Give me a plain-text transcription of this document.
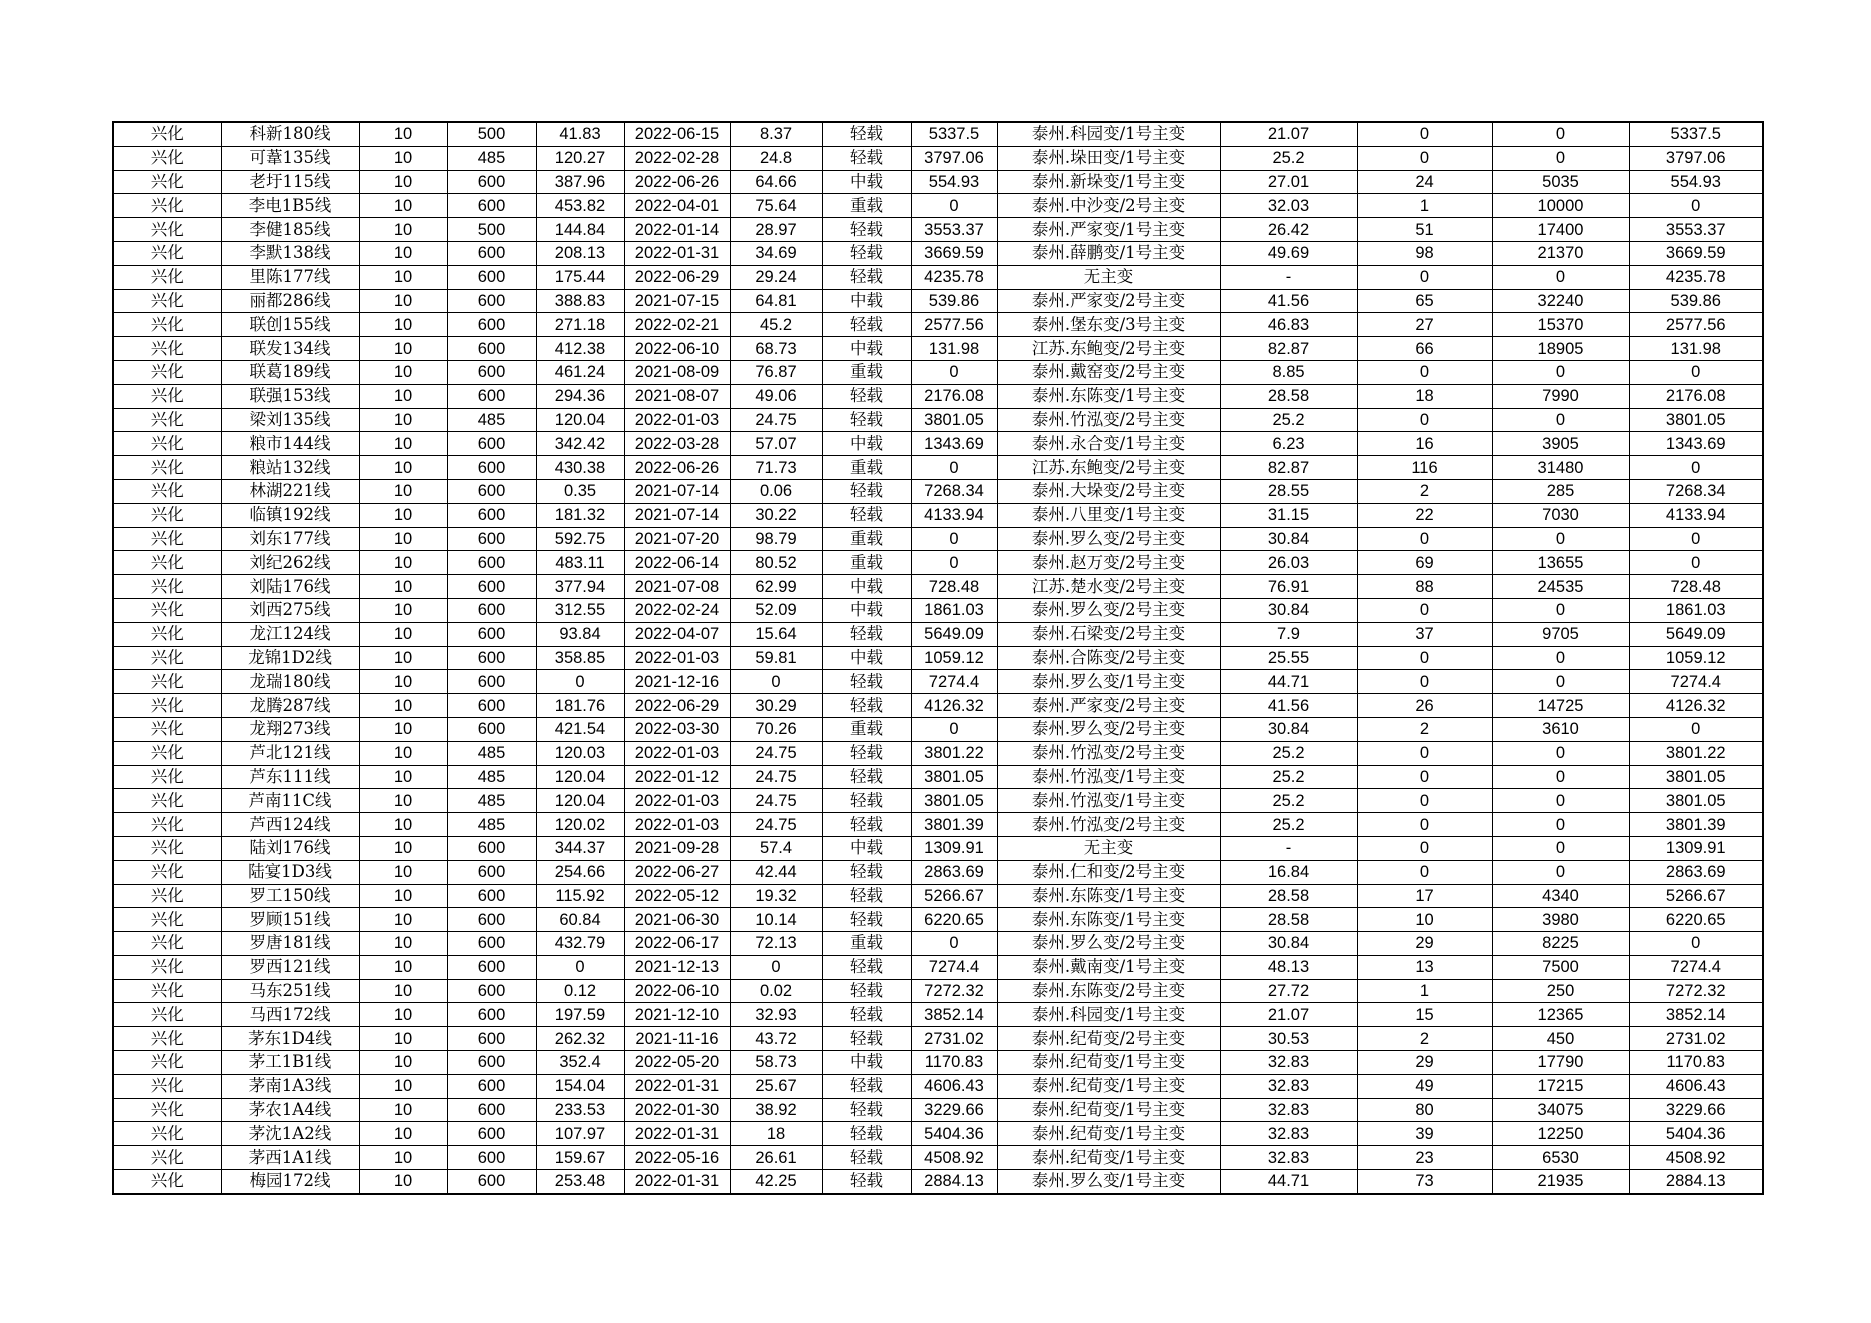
兴化	科新180线	10	500	41.83	2022-06-15	8.37	轻载	5337.5	泰州.科园变/1号主变	21.07	0	0	5337.5
兴化	可葦135线	10	485	120.27	2022-02-28	24.8	轻载	3797.06	泰州.垛田变/1号主变	25.2	0	0	3797.06
兴化	老圩115线	10	600	387.96	2022-06-26	64.66	中载	554.93	泰州.新垛变/1号主变	27.01	24	5035	554.93
兴化	李电1B5线	10	600	453.82	2022-04-01	75.64	重载	0	泰州.中沙变/2号主变	32.03	1	10000	0
兴化	李健185线	10	500	144.84	2022-01-14	28.97	轻载	3553.37	泰州.严家变/1号主变	26.42	51	17400	3553.37
兴化	李默138线	10	600	208.13	2022-01-31	34.69	轻载	3669.59	泰州.薛鹏变/1号主变	49.69	98	21370	3669.59
兴化	里陈177线	10	600	175.44	2022-06-29	29.24	轻载	4235.78	无主变	-	0	0	4235.78
兴化	丽都286线	10	600	388.83	2021-07-15	64.81	中载	539.86	泰州.严家变/2号主变	41.56	65	32240	539.86
兴化	联创155线	10	600	271.18	2022-02-21	45.2	轻载	2577.56	泰州.堡东变/3号主变	46.83	27	15370	2577.56
兴化	联发134线	10	600	412.38	2022-06-10	68.73	中载	131.98	江苏.东鲍变/2号主变	82.87	66	18905	131.98
兴化	联葛189线	10	600	461.24	2021-08-09	76.87	重载	0	泰州.戴窑变/2号主变	8.85	0	0	0
兴化	联强153线	10	600	294.36	2021-08-07	49.06	轻载	2176.08	泰州.东陈变/1号主变	28.58	18	7990	2176.08
兴化	梁刘135线	10	485	120.04	2022-01-03	24.75	轻载	3801.05	泰州.竹泓变/2号主变	25.2	0	0	3801.05
兴化	粮市144线	10	600	342.42	2022-03-28	57.07	中载	1343.69	泰州.永合变/1号主变	6.23	16	3905	1343.69
兴化	粮站132线	10	600	430.38	2022-06-26	71.73	重载	0	江苏.东鲍变/2号主变	82.87	116	31480	0
兴化	林湖221线	10	600	0.35	2021-07-14	0.06	轻载	7268.34	泰州.大垛变/2号主变	28.55	2	285	7268.34
兴化	临镇192线	10	600	181.32	2021-07-14	30.22	轻载	4133.94	泰州.八里变/1号主变	31.15	22	7030	4133.94
兴化	刘东177线	10	600	592.75	2021-07-20	98.79	重载	0	泰州.罗么变/2号主变	30.84	0	0	0
兴化	刘纪262线	10	600	483.11	2022-06-14	80.52	重载	0	泰州.赵万变/2号主变	26.03	69	13655	0
兴化	刘陆176线	10	600	377.94	2021-07-08	62.99	中载	728.48	江苏.楚水变/2号主变	76.91	88	24535	728.48
兴化	刘西275线	10	600	312.55	2022-02-24	52.09	中载	1861.03	泰州.罗么变/2号主变	30.84	0	0	1861.03
兴化	龙江124线	10	600	93.84	2022-04-07	15.64	轻载	5649.09	泰州.石梁变/2号主变	7.9	37	9705	5649.09
兴化	龙锦1D2线	10	600	358.85	2022-01-03	59.81	中载	1059.12	泰州.合陈变/2号主变	25.55	0	0	1059.12
兴化	龙瑞180线	10	600	0	2021-12-16	0	轻载	7274.4	泰州.罗么变/1号主变	44.71	0	0	7274.4
兴化	龙腾287线	10	600	181.76	2022-06-29	30.29	轻载	4126.32	泰州.严家变/2号主变	41.56	26	14725	4126.32
兴化	龙翔273线	10	600	421.54	2022-03-30	70.26	重载	0	泰州.罗么变/2号主变	30.84	2	3610	0
兴化	芦北121线	10	485	120.03	2022-01-03	24.75	轻载	3801.22	泰州.竹泓变/2号主变	25.2	0	0	3801.22
兴化	芦东111线	10	485	120.04	2022-01-12	24.75	轻载	3801.05	泰州.竹泓变/1号主变	25.2	0	0	3801.05
兴化	芦南11C线	10	485	120.04	2022-01-03	24.75	轻载	3801.05	泰州.竹泓变/1号主变	25.2	0	0	3801.05
兴化	芦西124线	10	485	120.02	2022-01-03	24.75	轻载	3801.39	泰州.竹泓变/2号主变	25.2	0	0	3801.39
兴化	陆刘176线	10	600	344.37	2021-09-28	57.4	中载	1309.91	无主变	-	0	0	1309.91
兴化	陆宴1D3线	10	600	254.66	2022-06-27	42.44	轻载	2863.69	泰州.仁和变/2号主变	16.84	0	0	2863.69
兴化	罗工150线	10	600	115.92	2022-05-12	19.32	轻载	5266.67	泰州.东陈变/1号主变	28.58	17	4340	5266.67
兴化	罗顾151线	10	600	60.84	2021-06-30	10.14	轻载	6220.65	泰州.东陈变/1号主变	28.58	10	3980	6220.65
兴化	罗唐181线	10	600	432.79	2022-06-17	72.13	重载	0	泰州.罗么变/2号主变	30.84	29	8225	0
兴化	罗西121线	10	600	0	2021-12-13	0	轻载	7274.4	泰州.戴南变/1号主变	48.13	13	7500	7274.4
兴化	马东251线	10	600	0.12	2022-06-10	0.02	轻载	7272.32	泰州.东陈变/2号主变	27.72	1	250	7272.32
兴化	马西172线	10	600	197.59	2021-12-10	32.93	轻载	3852.14	泰州.科园变/1号主变	21.07	15	12365	3852.14
兴化	茅东1D4线	10	600	262.32	2021-11-16	43.72	轻载	2731.02	泰州.纪荀变/2号主变	30.53	2	450	2731.02
兴化	茅工1B1线	10	600	352.4	2022-05-20	58.73	中载	1170.83	泰州.纪荀变/1号主变	32.83	29	17790	1170.83
兴化	茅南1A3线	10	600	154.04	2022-01-31	25.67	轻载	4606.43	泰州.纪荀变/1号主变	32.83	49	17215	4606.43
兴化	茅农1A4线	10	600	233.53	2022-01-30	38.92	轻载	3229.66	泰州.纪荀变/1号主变	32.83	80	34075	3229.66
兴化	茅沈1A2线	10	600	107.97	2022-01-31	18	轻载	5404.36	泰州.纪荀变/1号主变	32.83	39	12250	5404.36
兴化	茅西1A1线	10	600	159.67	2022-05-16	26.61	轻载	4508.92	泰州.纪荀变/1号主变	32.83	23	6530	4508.92
兴化	梅园172线	10	600	253.48	2022-01-31	42.25	轻载	2884.13	泰州.罗么变/1号主变	44.71	73	21935	2884.13
